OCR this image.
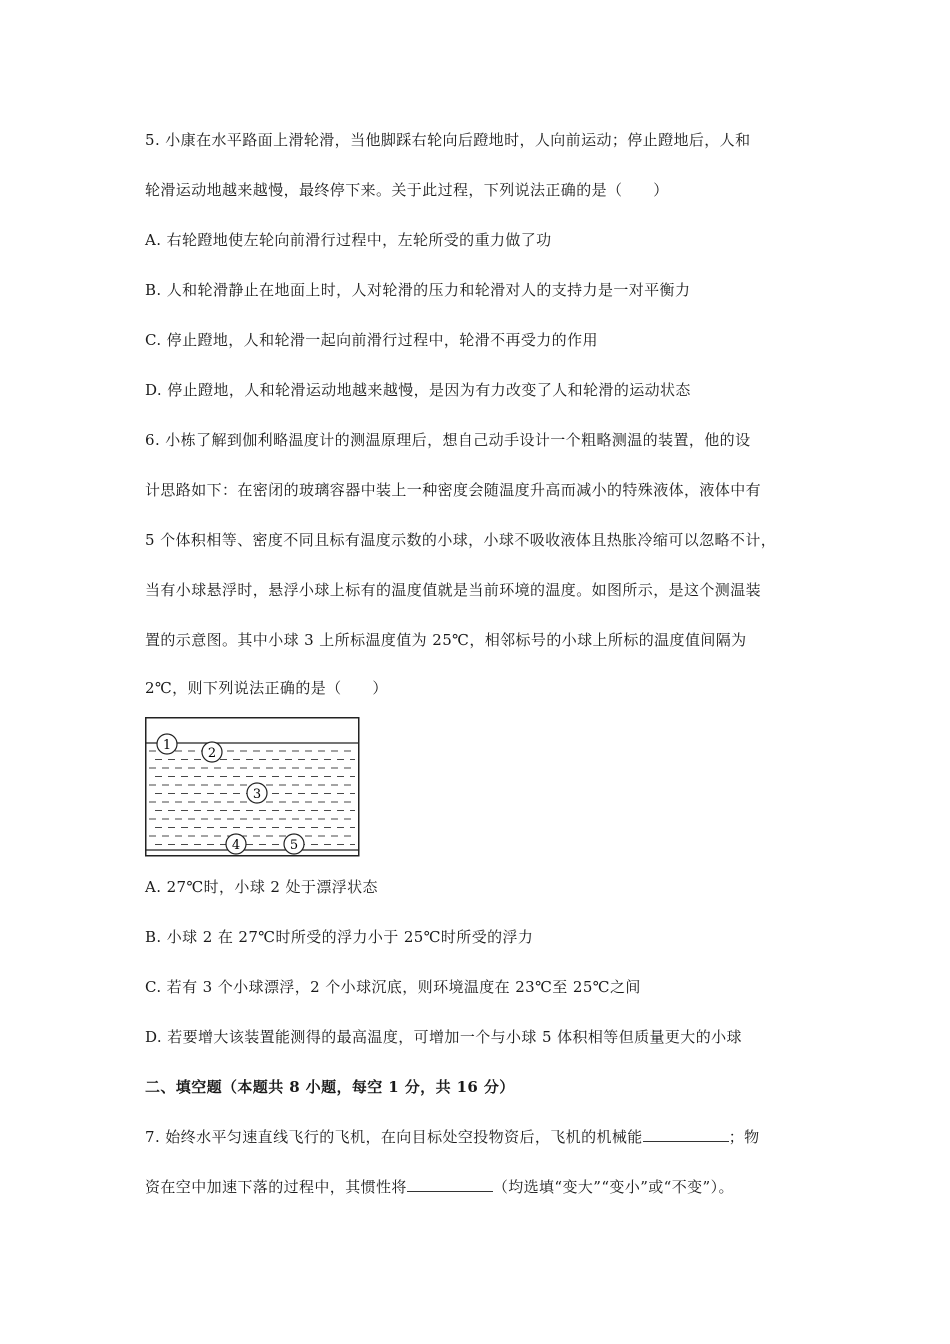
5. 小康在水平路面上滑轮滑，当他脚踩右轮向后蹬地时，人向前运动；停止蹬地后，人和
轮滑运动地越来越慢，最终停下来。关于此过程，下列说法正确的是（　　）
A. 右轮蹬地使左轮向前滑行过程中，左轮所受的重力做了功
B. 人和轮滑静止在地面上时，人对轮滑的压力和轮滑对人的支持力是一对平衡力
C. 停止蹬地，人和轮滑一起向前滑行过程中，轮滑不再受力的作用
D. 停止蹬地，人和轮滑运动地越来越慢，是因为有力改变了人和轮滑的运动状态
6. 小栋了解到伽利略温度计的测温原理后，想自己动手设计一个粗略测温的装置，他的设
计思路如下：在密闭的玻璃容器中装上一种密度会随温度升高而减小的特殊液体，液体中有
5 个体积相等、密度不同且标有温度示数的小球，小球不吸收液体且热胀冷缩可以忽略不计，
当有小球悬浮时，悬浮小球上标有的温度值就是当前环境的温度。如图所示，是这个测温装
置的示意图。其中小球 3 上所标温度值为 25℃，相邻标号的小球上所标的温度值间隔为
2℃，则下列说法正确的是（　　）
1
2
3
4	5
A. 27℃时，小球 2 处于漂浮状态
B. 小球 2 在 27℃时所受的浮力小于 25℃时所受的浮力
C. 若有 3 个小球漂浮，2 个小球沉底，则环境温度在 23℃至 25℃之间
D. 若要增大该装置能测得的最高温度，可增加一个与小球 5 体积相等但质量更大的小球
二、填空题（本题共 8 小题，每空 1 分，共 16 分）
7. 始终水平匀速直线飞行的飞机，在向目标处空投物资后，飞机的机械能	；物
资在空中加速下落的过程中，其惯性将	（均选填“变大”“变小”或“不变”）。
